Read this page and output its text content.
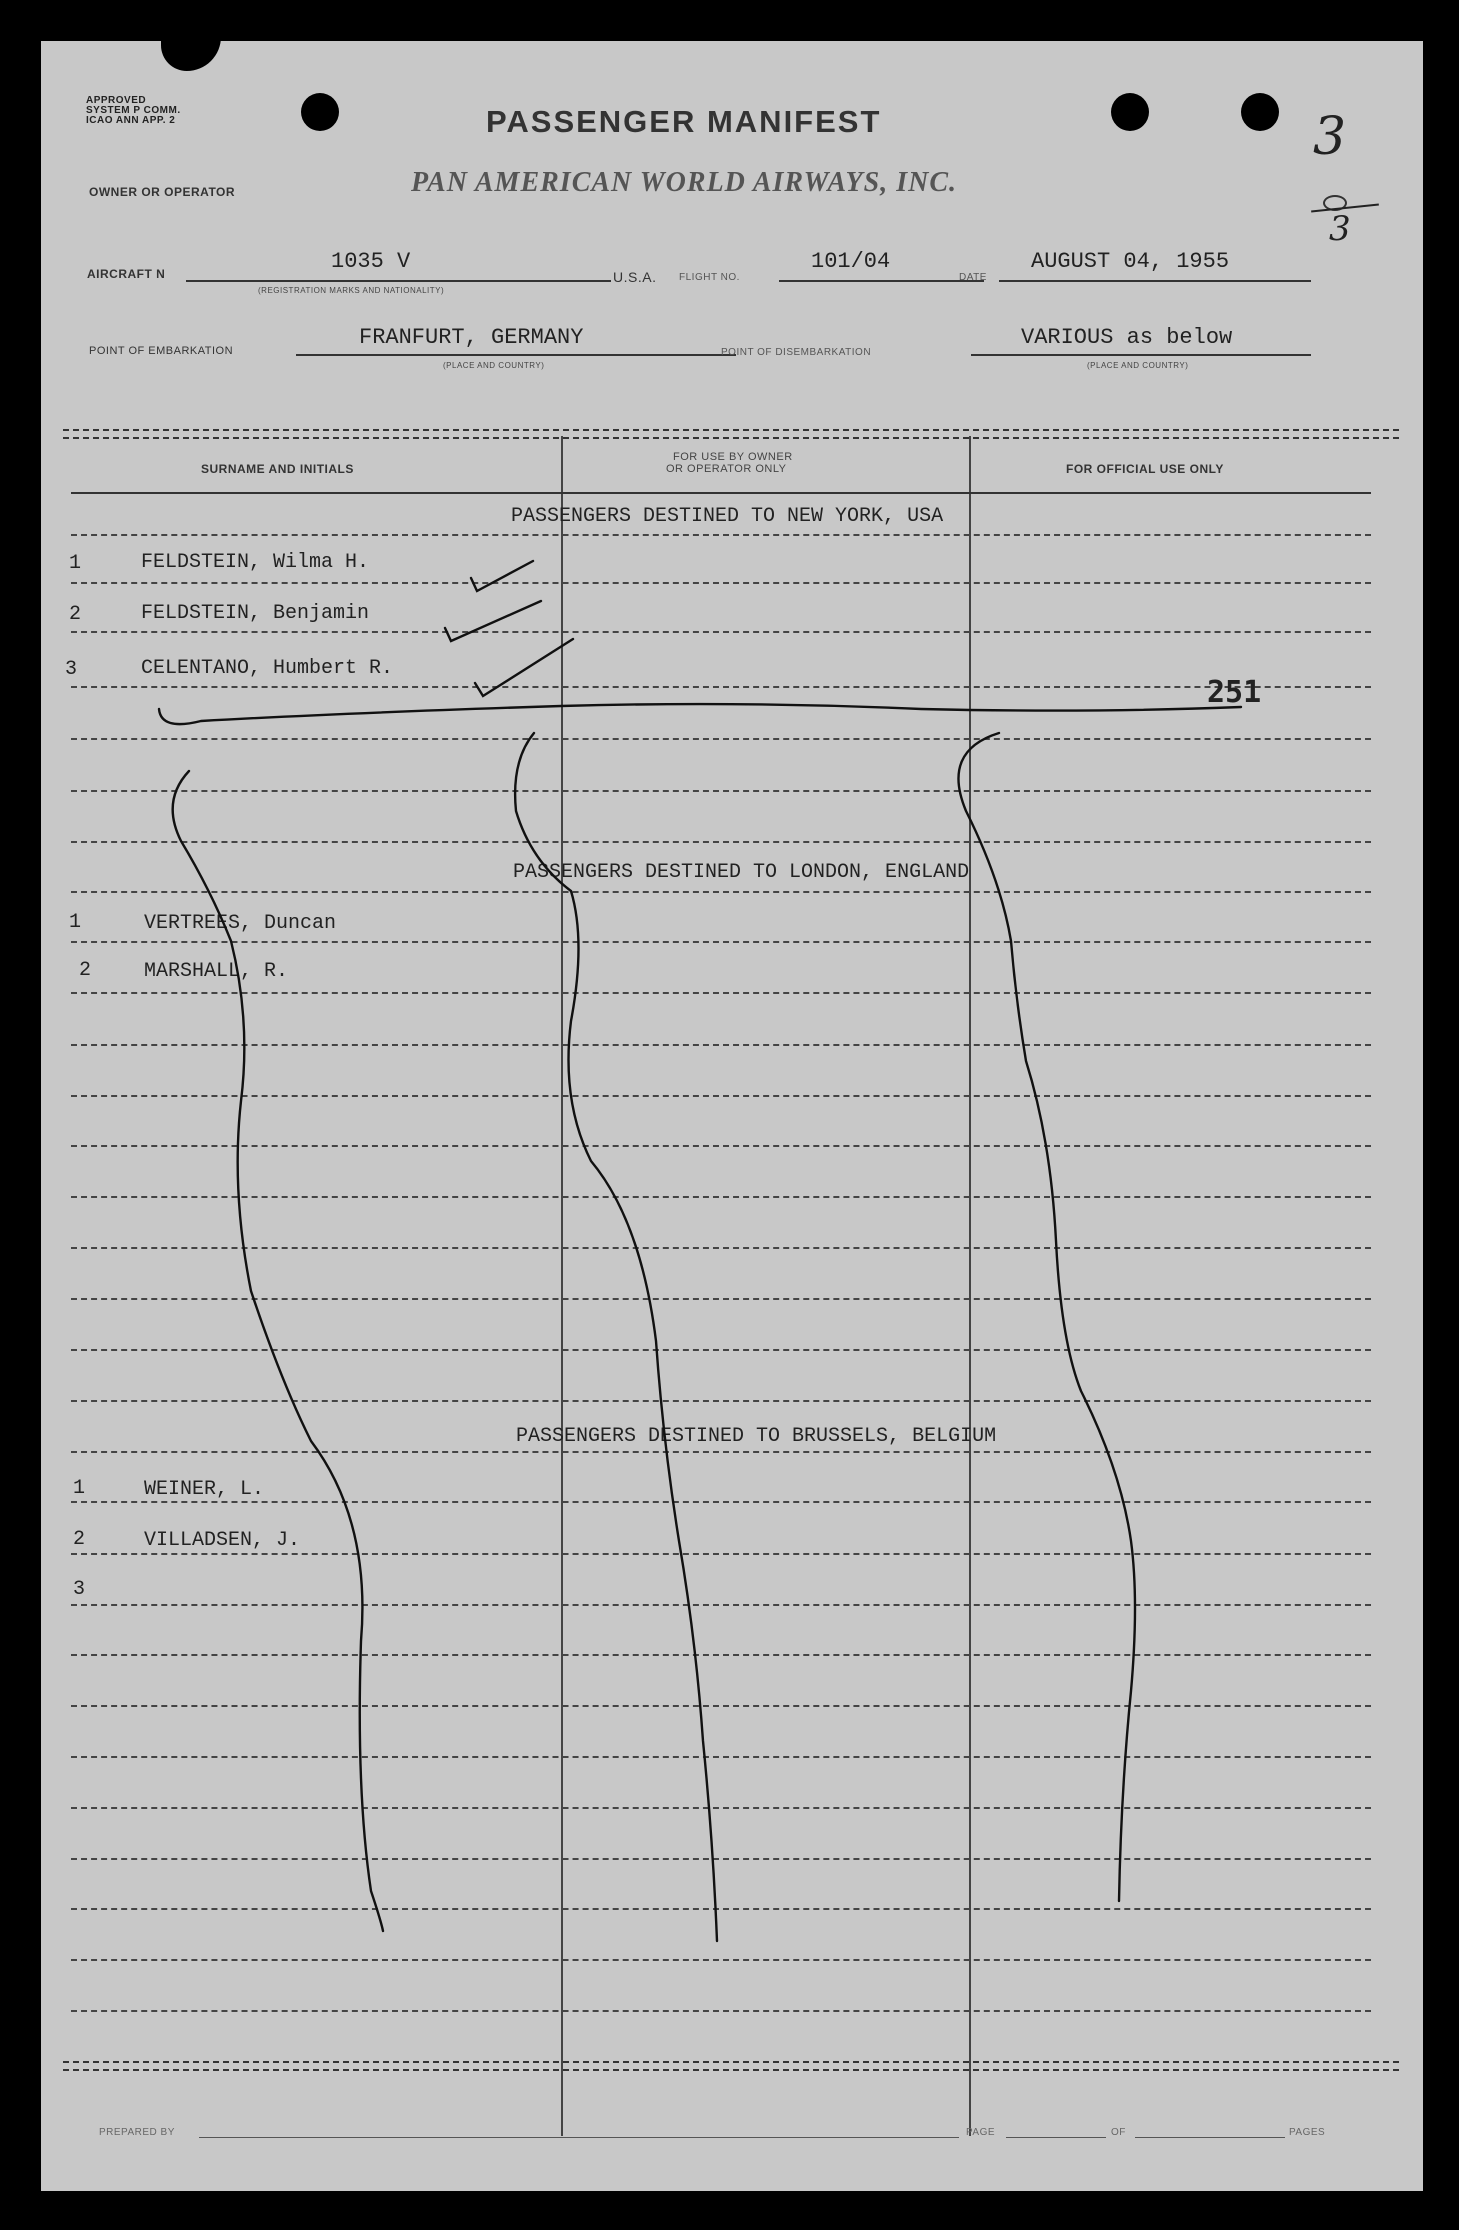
APPROVED
SYSTEM P COMM.
ICAO ANN APP. 2	PASSENGER MANIFEST
OWNER OR OPERATOR	PAN AMERICAN WORLD AIRWAYS, INC.
3
3
AIRCRAFT N	1035 V
(REGISTRATION MARKS AND NATIONALITY)
U.S.A. FLIGHT NO.
101/04
DATE
AUGUST 04, 1955
POINT OF EMBARKATION
FRANFURT, GERMANY
(PLACE AND COUNTRY)
POINT OF DISEMBARKATION
VARIOUS as below
(PLACE AND COUNTRY)
SURNAME AND INITIALS
FOR USE BY OWNER
OR OPERATOR ONLY	FOR OFFICIAL USE ONLY
PASSENGERS DESTINED TO NEW YORK, USA
1	FELDSTEIN, Wilma H.
2	FELDSTEIN, Benjamin
3	CELENTANO, Humbert R.
251
PASSENGERS DESTINED TO LONDON, ENGLAND
1	VERTREES, Duncan
2	MARSHALL, R.
PASSENGERS DESTINED TO BRUSSELS, BELGIUM
1	WEINER, L.
2	VILLADSEN, J.
3
PREPARED BY	PAGE	OF	PAGES
